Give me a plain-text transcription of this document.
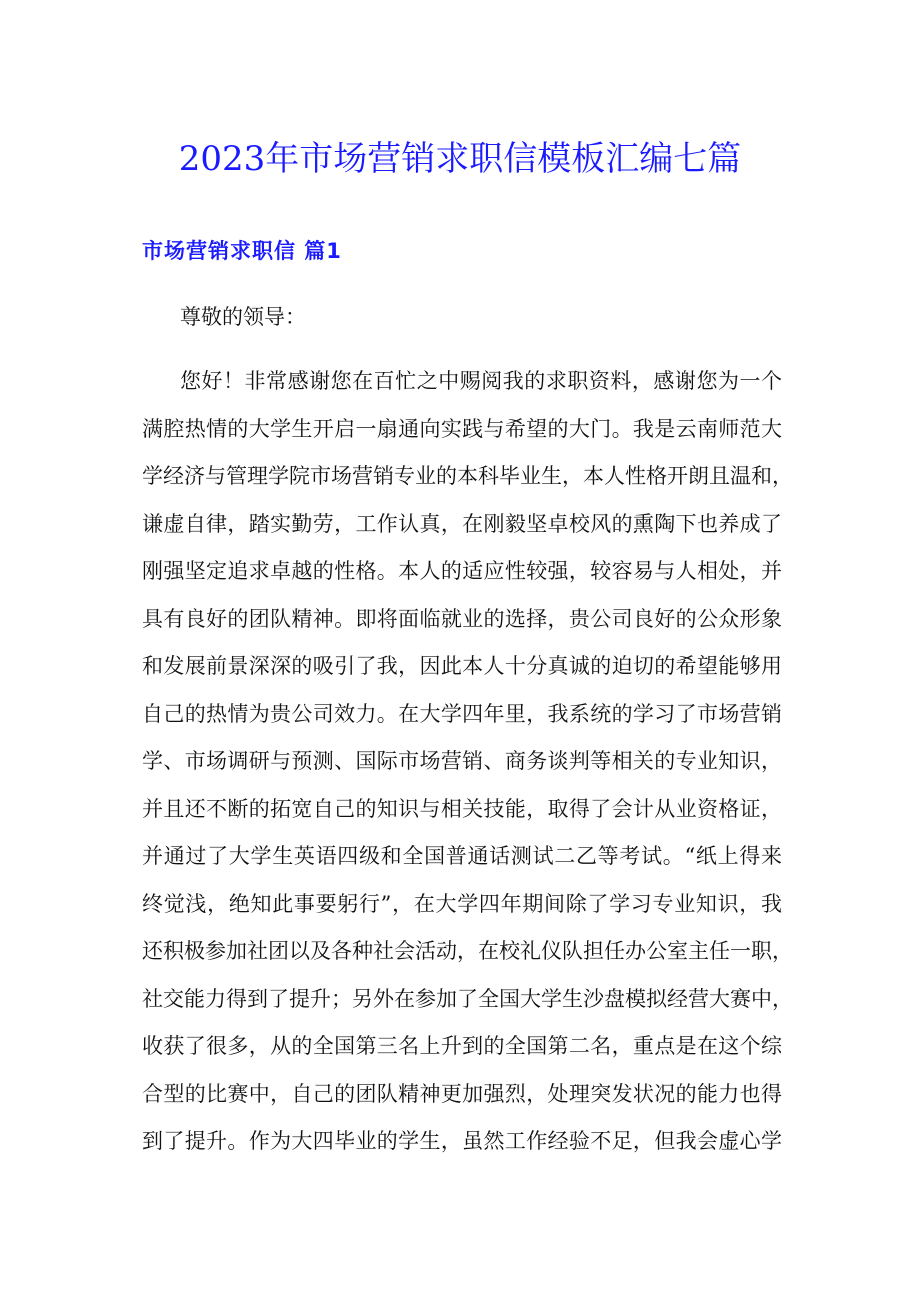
2023年市场营销求职信模板汇编七篇
市场营销求职信 篇1
尊敬的领导：
您好！非常感谢您在百忙之中赐阅我的求职资料，感谢您为一个
满腔热情的大学生开启一扇通向实践与希望的大门。我是云南师范大
学经济与管理学院市场营销专业的本科毕业生，本人性格开朗且温和，
谦虚自律，踏实勤劳，工作认真，在刚毅坚卓校风的熏陶下也养成了
刚强坚定追求卓越的性格。本人的适应性较强，较容易与人相处，并
具有良好的团队精神。即将面临就业的选择，贵公司良好的公众形象
和发展前景深深的吸引了我，因此本人十分真诚的迫切的希望能够用
自己的热情为贵公司效力。在大学四年里，我系统的学习了市场营销
学、市场调研与预测、国际市场营销、商务谈判等相关的专业知识，
并且还不断的拓宽自己的知识与相关技能，取得了会计从业资格证，
并通过了大学生英语四级和全国普通话测试二乙等考试。“纸上得来
终觉浅，绝知此事要躬行”，在大学四年期间除了学习专业知识，我
还积极参加社团以及各种社会活动，在校礼仪队担任办公室主任一职，
社交能力得到了提升；另外在参加了全国大学生沙盘模拟经营大赛中，
收获了很多，从的全国第三名上升到的全国第二名，重点是在这个综
合型的比赛中，自己的团队精神更加强烈，处理突发状况的能力也得
到了提升。作为大四毕业的学生，虽然工作经验不足，但我会虚心学
